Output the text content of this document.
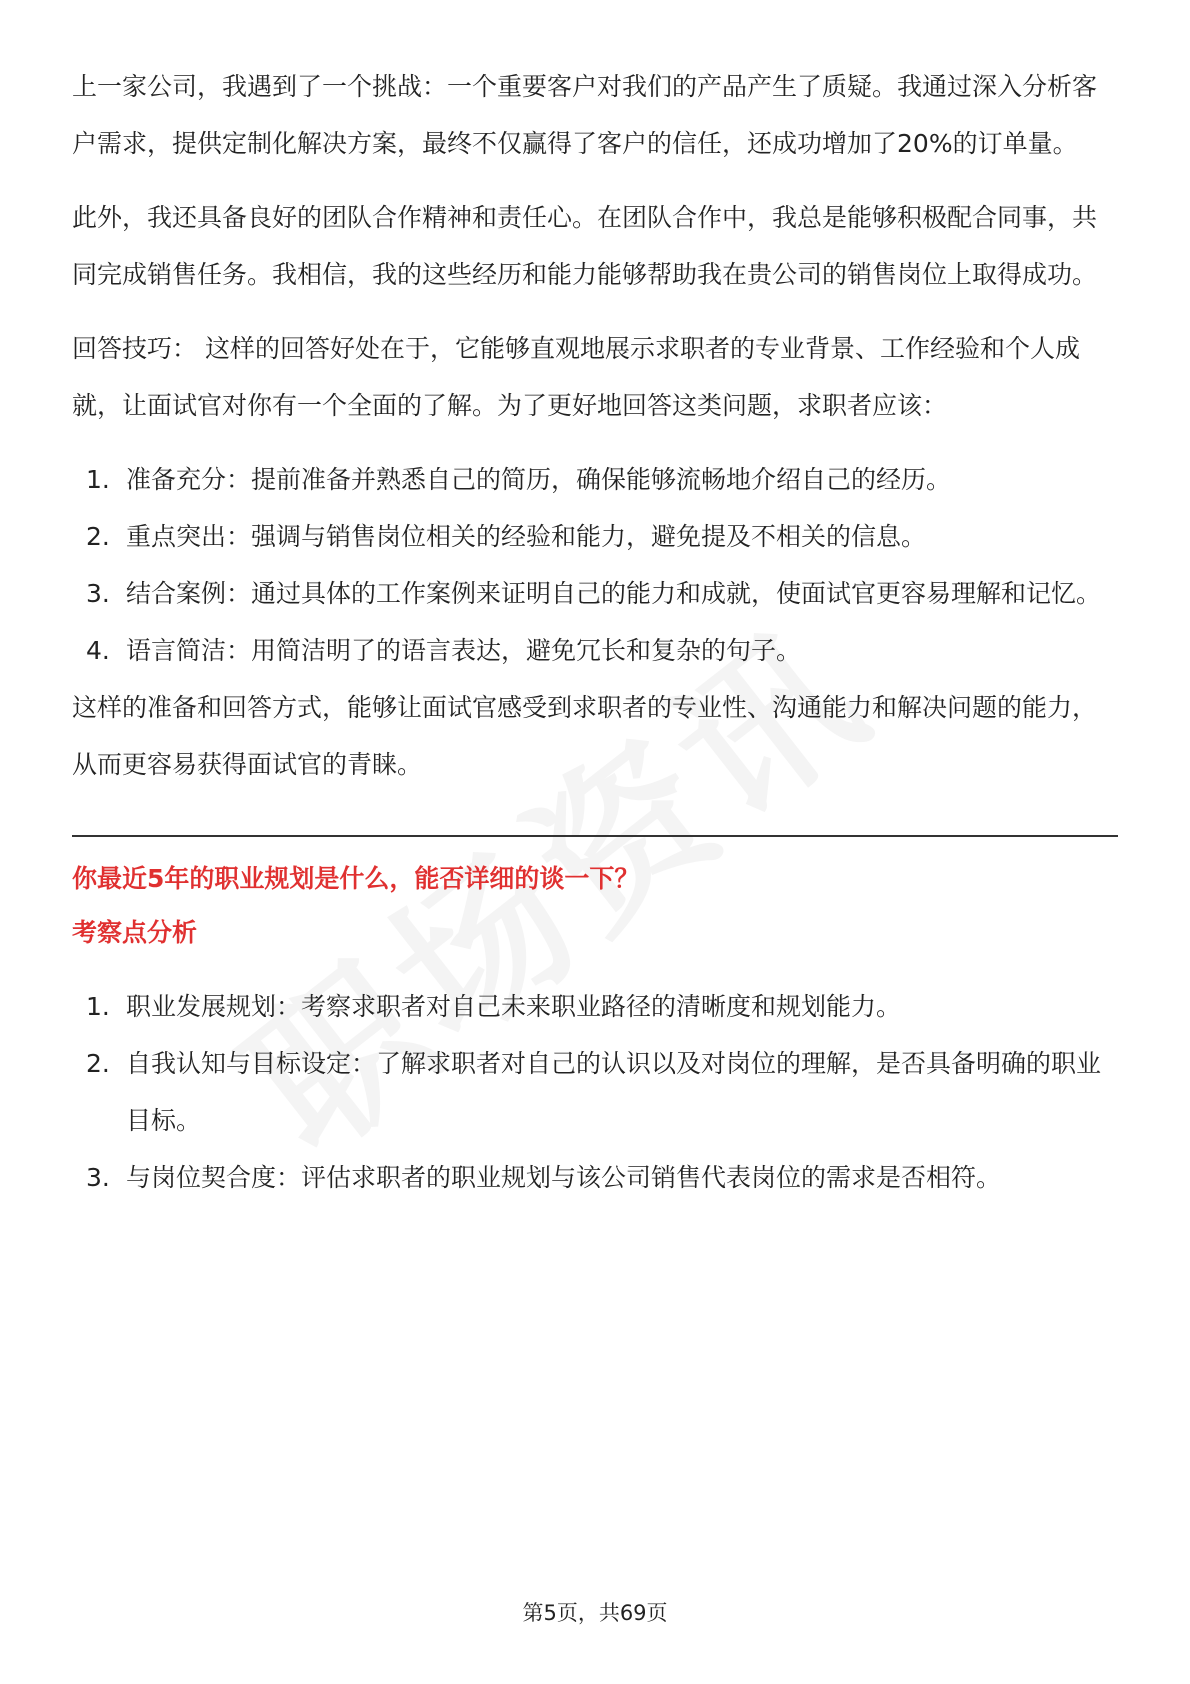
上一家公司，我遇到了一个挑战：一个重要客户对我们的产品产生了质疑。我通过深入分析客户需求，提供定制化解决方案，最终不仅赢得了客户的信任，还成功增加了20%的订单量。

此外，我还具备良好的团队合作精神和责任心。在团队合作中，我总是能够积极配合同事，共同完成销售任务。我相信，我的这些经历和能力能够帮助我在贵公司的销售岗位上取得成功。

回答技巧： 这样的回答好处在于，它能够直观地展示求职者的专业背景、工作经验和个人成就，让面试官对你有一个全面的了解。为了更好地回答这类问题，求职者应该：

1. 准备充分：提前准备并熟悉自己的简历，确保能够流畅地介绍自己的经历。
2. 重点突出：强调与销售岗位相关的经验和能力，避免提及不相关的信息。
3. 结合案例：通过具体的工作案例来证明自己的能力和成就，使面试官更容易理解和记忆。
4. 语言简洁：用简洁明了的语言表达，避免冗长和复杂的句子。

这样的准备和回答方式，能够让面试官感受到求职者的专业性、沟通能力和解决问题的能力，从而更容易获得面试官的青睐。

你最近5年的职业规划是什么，能否详细的谈一下？
考察点分析
1. 职业发展规划：考察求职者对自己未来职业路径的清晰度和规划能力。
2. 自我认知与目标设定：了解求职者对自己的认识以及对岗位的理解，是否具备明确的职业目标。
3. 与岗位契合度：评估求职者的职业规划与该公司销售代表岗位的需求是否相符。
第5页，共69页
